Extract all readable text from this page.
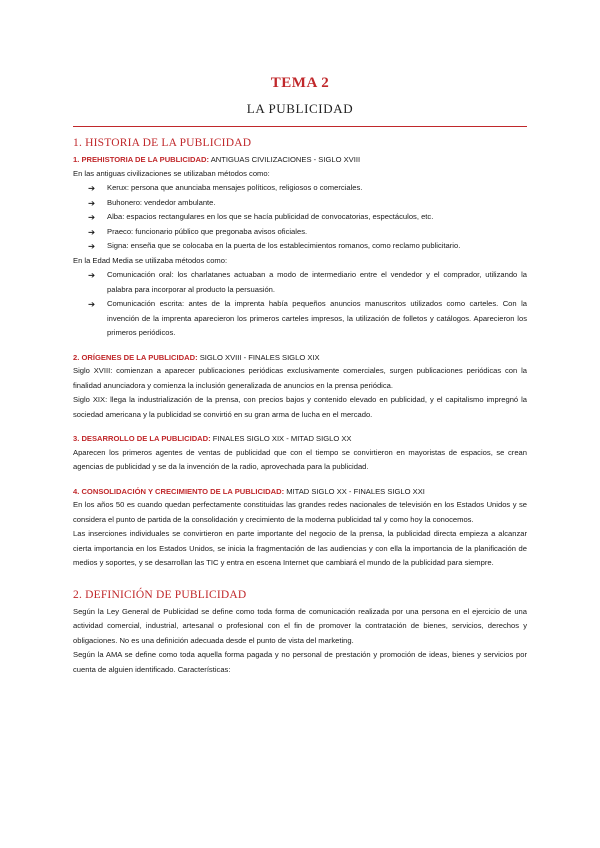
TEMA 2
LA PUBLICIDAD
1. HISTORIA DE LA PUBLICIDAD
1. PREHISTORIA DE LA PUBLICIDAD: ANTIGUAS CIVILIZACIONES - SIGLO XVIII

En las antiguas civilizaciones se utilizaban métodos como:

➔ Kerux: persona que anunciaba mensajes políticos, religiosos o comerciales.
➔ Buhonero: vendedor ambulante.
➔ Alba: espacios rectangulares en los que se hacía publicidad de convocatorias, espectáculos, etc.
➔ Praeco: funcionario público que pregonaba avisos oficiales.
➔ Signa: enseña que se colocaba en la puerta de los establecimientos romanos, como reclamo publicitario.

En la Edad Media se utilizaba métodos como:

➔ Comunicación oral: los charlatanes actuaban a modo de intermediario entre el vendedor y el comprador, utilizando la palabra para incorporar al producto la persuasión.
➔ Comunicación escrita: antes de la imprenta había pequeños anuncios manuscritos utilizados como carteles. Con la invención de la imprenta aparecieron los primeros carteles impresos, la utilización de folletos y catálogos. Aparecieron los primeros periódicos.
2. ORÍGENES DE LA PUBLICIDAD: SIGLO XVIII - FINALES SIGLO XIX

Siglo XVIII: comienzan a aparecer publicaciones periódicas exclusivamente comerciales, surgen publicaciones periódicas con la finalidad anunciadora y comienza la inclusión generalizada de anuncios en la prensa periódica.

Siglo XIX: llega la industrialización de la prensa, con precios bajos y contenido elevado en publicidad, y el capitalismo impregnó la sociedad americana y la publicidad se convirtió en su gran arma de lucha en el mercado.

3. DESARROLLO DE LA PUBLICIDAD: FINALES SIGLO XIX - MITAD SIGLO XX

Aparecen los primeros agentes de ventas de publicidad que con el tiempo se convirtieron en mayoristas de espacios, se crean agencias de publicidad y se da la invención de la radio, aprovechada para la publicidad.

4. CONSOLIDACIÓN Y CRECIMIENTO DE LA PUBLICIDAD: MITAD SIGLO XX - FINALES SIGLO XXI

En los años 50 es cuando quedan perfectamente constituidas las grandes redes nacionales de televisión en los Estados Unidos y se considera el punto de partida de la consolidación y crecimiento de la moderna publicidad tal y como hoy la conocemos.

Las inserciones individuales se convirtieron en parte importante del negocio de la prensa, la publicidad directa empieza a alcanzar cierta importancia en los Estados Unidos, se inicia la fragmentación de las audiencias y con ella la importancia de la planificación de medios y soportes, y se desarrollan las TIC y entra en escena Internet que cambiará el mundo de la publicidad para siempre.

2. DEFINICIÓN DE PUBLICIDAD

Según la Ley General de Publicidad se define como toda forma de comunicación realizada por una persona en el ejercicio de una actividad comercial, industrial, artesanal o profesional con el fin de promover la contratación de bienes, servicios, derechos y obligaciones. No es una definición adecuada desde el punto de vista del marketing.

Según la AMA se define como toda aquella forma pagada y no personal de prestación y promoción de ideas, bienes y servicios por cuenta de alguien identificado. Características:
